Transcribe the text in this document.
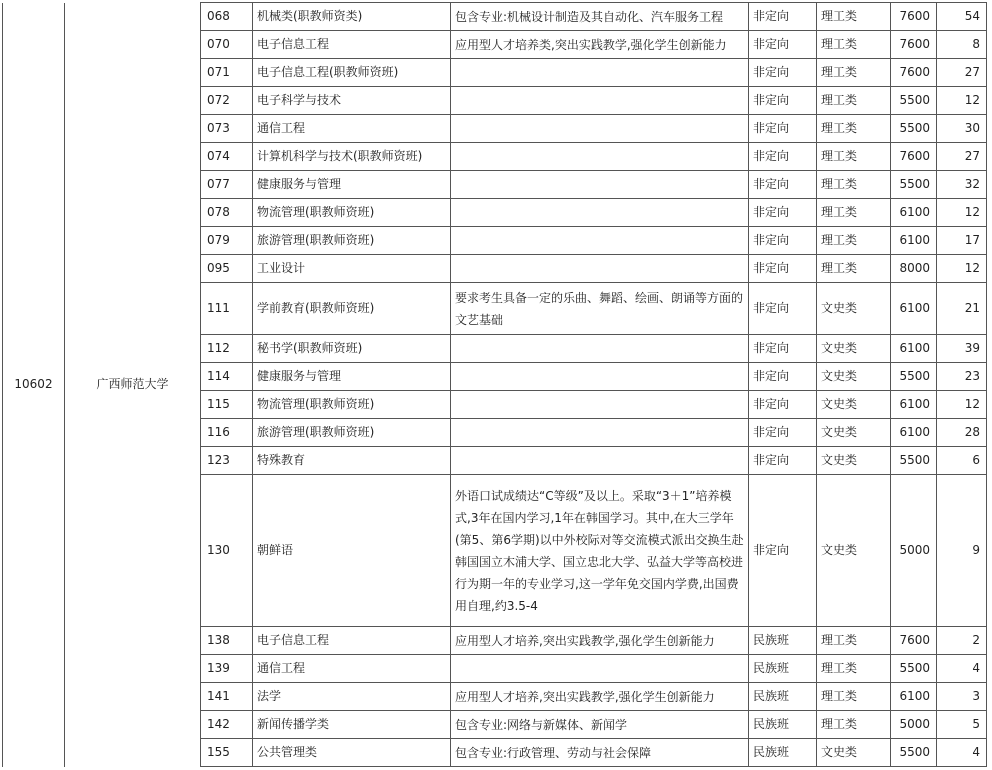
10602	广西师范大学	068	机械类(职教师资类)	包含专业:机械设计制造及其自动化、汽车服务工程	非定向	理工类	7600	54
		070	电子信息工程	应用型人才培养类,突出实践教学,强化学生创新能力	非定向	理工类	7600	8
		071	电子信息工程(职教师资班)		非定向	理工类	7600	27
		072	电子科学与技术		非定向	理工类	5500	12
		073	通信工程		非定向	理工类	5500	30
		074	计算机科学与技术(职教师资班)		非定向	理工类	7600	27
		077	健康服务与管理		非定向	理工类	5500	32
		078	物流管理(职教师资班)		非定向	理工类	6100	12
		079	旅游管理(职教师资班)		非定向	理工类	6100	17
		095	工业设计		非定向	理工类	8000	12
		111	学前教育(职教师资班)	要求考生具备一定的乐曲、舞蹈、绘画、朗诵等方面的文艺基础	非定向	文史类	6100	21
		112	秘书学(职教师资班)		非定向	文史类	6100	39
		114	健康服务与管理		非定向	文史类	5500	23
		115	物流管理(职教师资班)		非定向	文史类	6100	12
		116	旅游管理(职教师资班)		非定向	文史类	6100	28
		123	特殊教育		非定向	文史类	5500	6
		130	朝鲜语	外语口试成绩达“C等级”及以上。采取“3＋1”培养模式,3年在国内学习,1年在韩国学习。其中,在大三学年(第5、第6学期)以中外校际对等交流模式派出交换生赴韩国国立木浦大学、国立忠北大学、弘益大学等高校进行为期一年的专业学习,这一学年免交国内学费,出国费用自理,约3.5-4	非定向	文史类	5000	9
		138	电子信息工程	应用型人才培养,突出实践教学,强化学生创新能力	民族班	理工类	7600	2
		139	通信工程		民族班	理工类	5500	4
		141	法学	应用型人才培养,突出实践教学,强化学生创新能力	民族班	理工类	6100	3
		142	新闻传播学类	包含专业:网络与新媒体、新闻学	民族班	理工类	5000	5
		155	公共管理类	包含专业:行政管理、劳动与社会保障	民族班	文史类	5500	4
